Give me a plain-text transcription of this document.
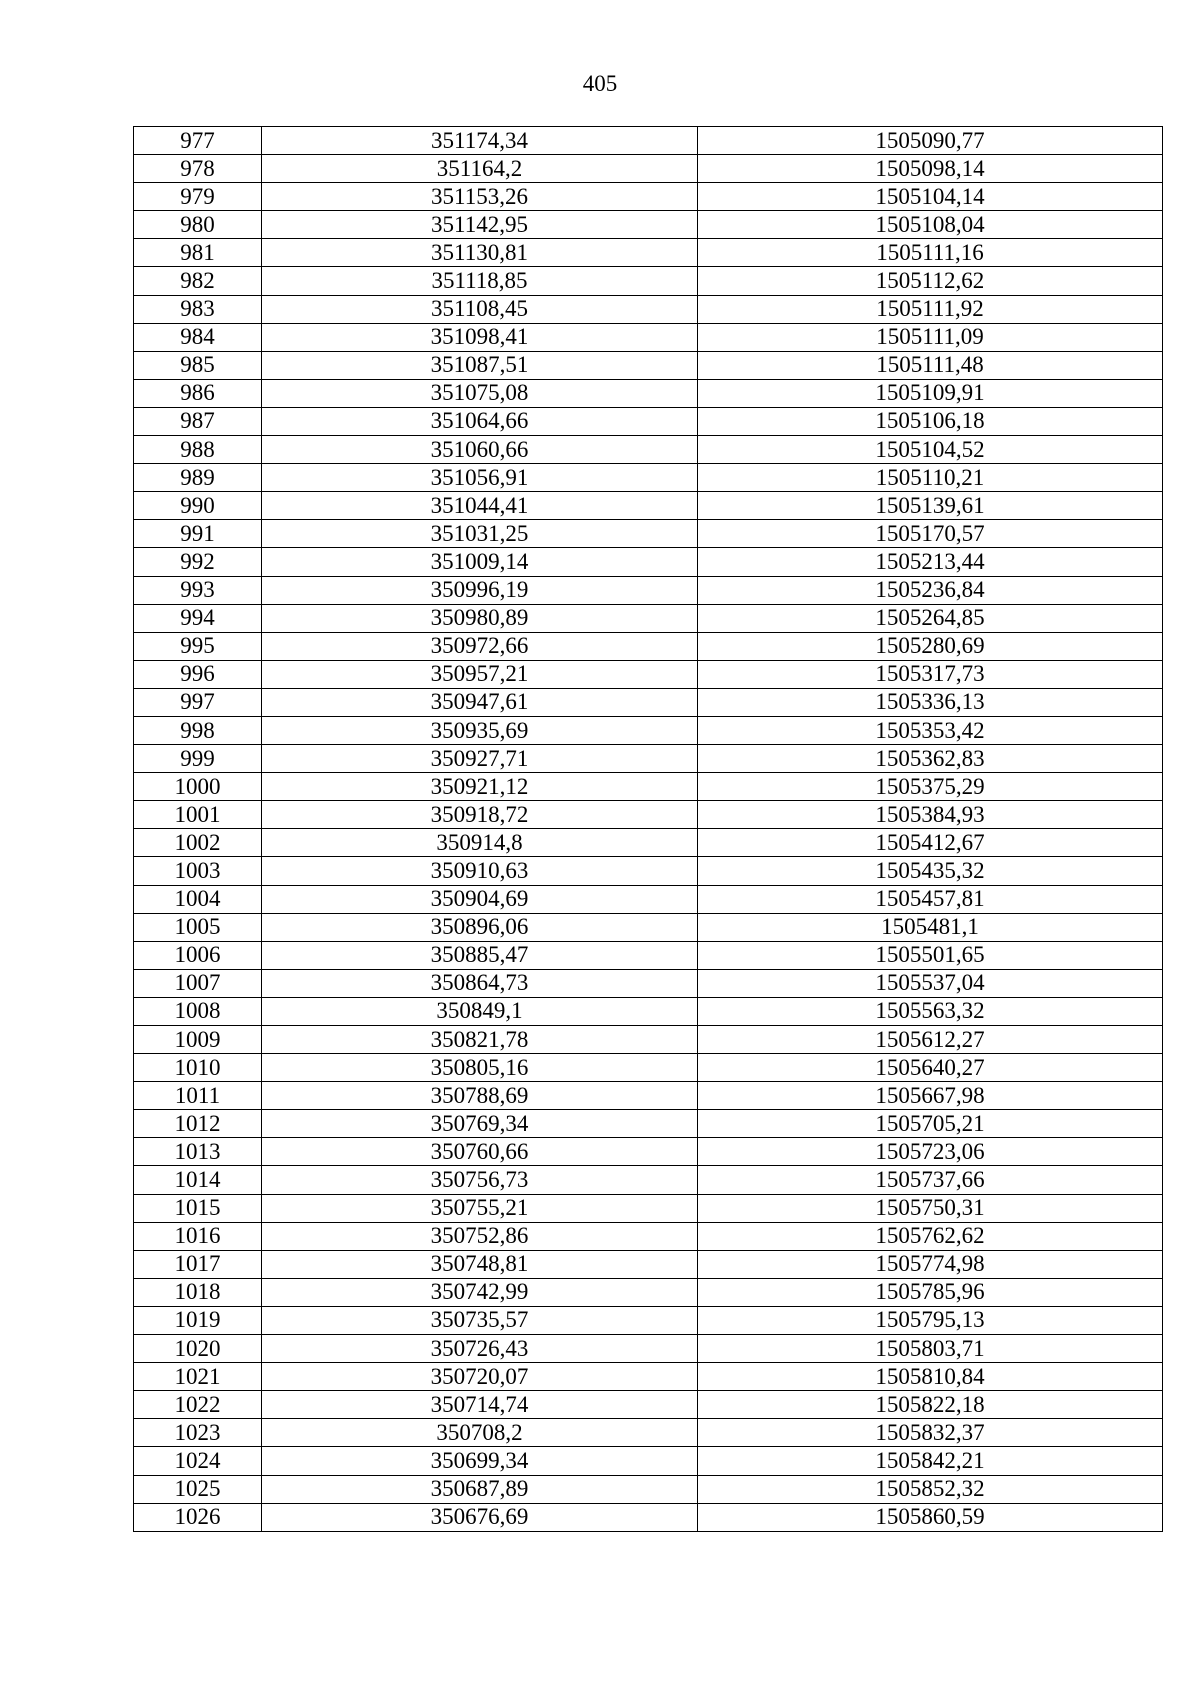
405
977	351174,34	1505090,77
978	351164,2	1505098,14
979	351153,26	1505104,14
980	351142,95	1505108,04
981	351130,81	1505111,16
982	351118,85	1505112,62
983	351108,45	1505111,92
984	351098,41	1505111,09
985	351087,51	1505111,48
986	351075,08	1505109,91
987	351064,66	1505106,18
988	351060,66	1505104,52
989	351056,91	1505110,21
990	351044,41	1505139,61
991	351031,25	1505170,57
992	351009,14	1505213,44
993	350996,19	1505236,84
994	350980,89	1505264,85
995	350972,66	1505280,69
996	350957,21	1505317,73
997	350947,61	1505336,13
998	350935,69	1505353,42
999	350927,71	1505362,83
1000	350921,12	1505375,29
1001	350918,72	1505384,93
1002	350914,8	1505412,67
1003	350910,63	1505435,32
1004	350904,69	1505457,81
1005	350896,06	1505481,1
1006	350885,47	1505501,65
1007	350864,73	1505537,04
1008	350849,1	1505563,32
1009	350821,78	1505612,27
1010	350805,16	1505640,27
1011	350788,69	1505667,98
1012	350769,34	1505705,21
1013	350760,66	1505723,06
1014	350756,73	1505737,66
1015	350755,21	1505750,31
1016	350752,86	1505762,62
1017	350748,81	1505774,98
1018	350742,99	1505785,96
1019	350735,57	1505795,13
1020	350726,43	1505803,71
1021	350720,07	1505810,84
1022	350714,74	1505822,18
1023	350708,2	1505832,37
1024	350699,34	1505842,21
1025	350687,89	1505852,32
1026	350676,69	1505860,59
